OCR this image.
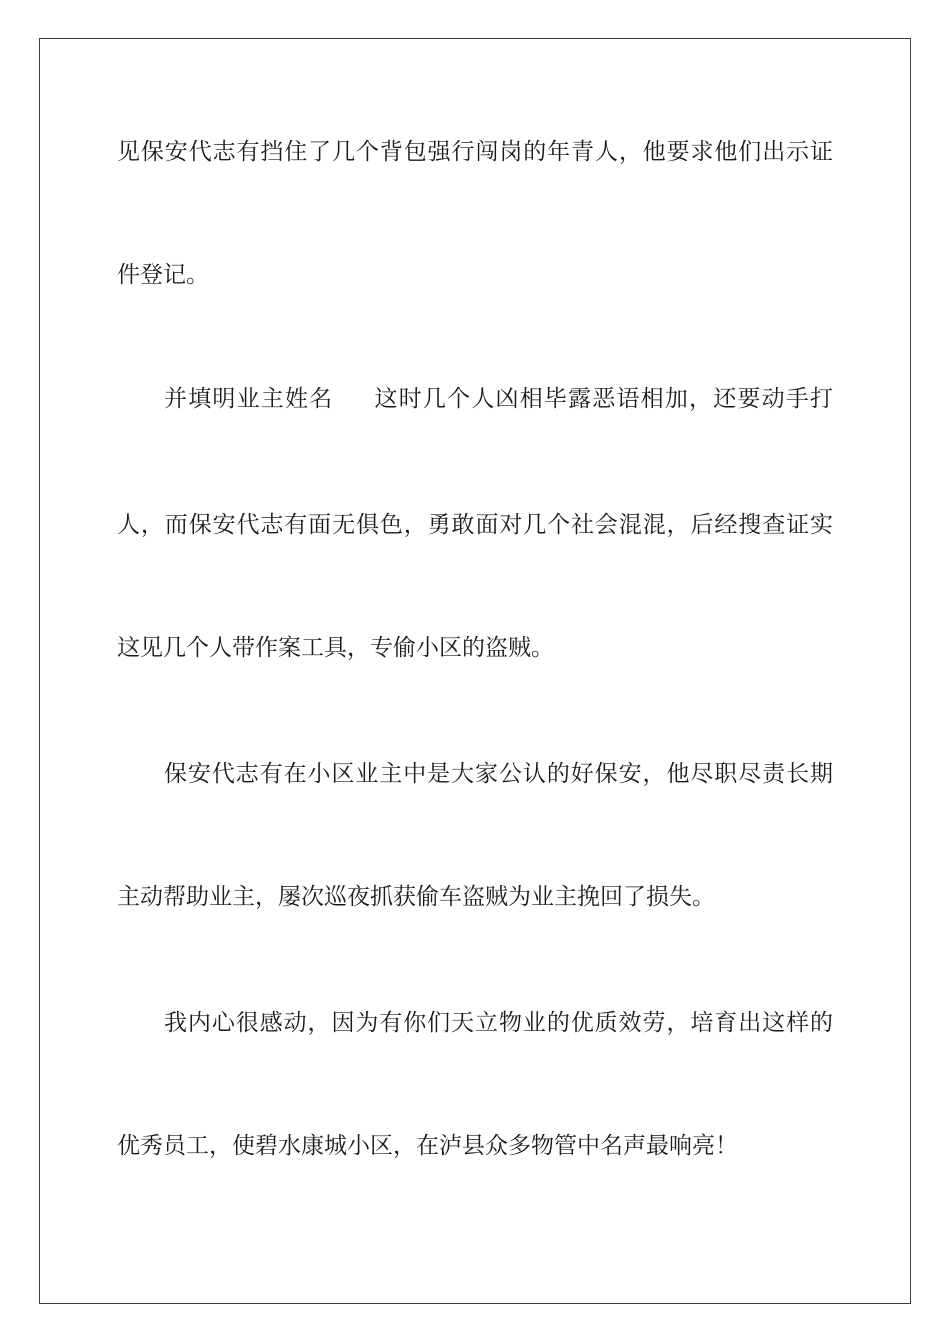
见保安代志有挡住了几个背包强行闯岗的年青人，他要求他们出示证
件登记。
并填明业主姓名 这时几个人凶相毕露恶语相加，还要动手打
人，而保安代志有面无俱色，勇敢面对几个社会混混，后经搜查证实
这见几个人带作案工具，专偷小区的盗贼。
保安代志有在小区业主中是大家公认的好保安，他尽职尽责长期
主动帮助业主，屡次巡夜抓获偷车盗贼为业主挽回了损失。
我内心很感动，因为有你们天立物业的优质效劳，培育出这样的
优秀员工，使碧水康城小区，在泸县众多物管中名声最响亮！
